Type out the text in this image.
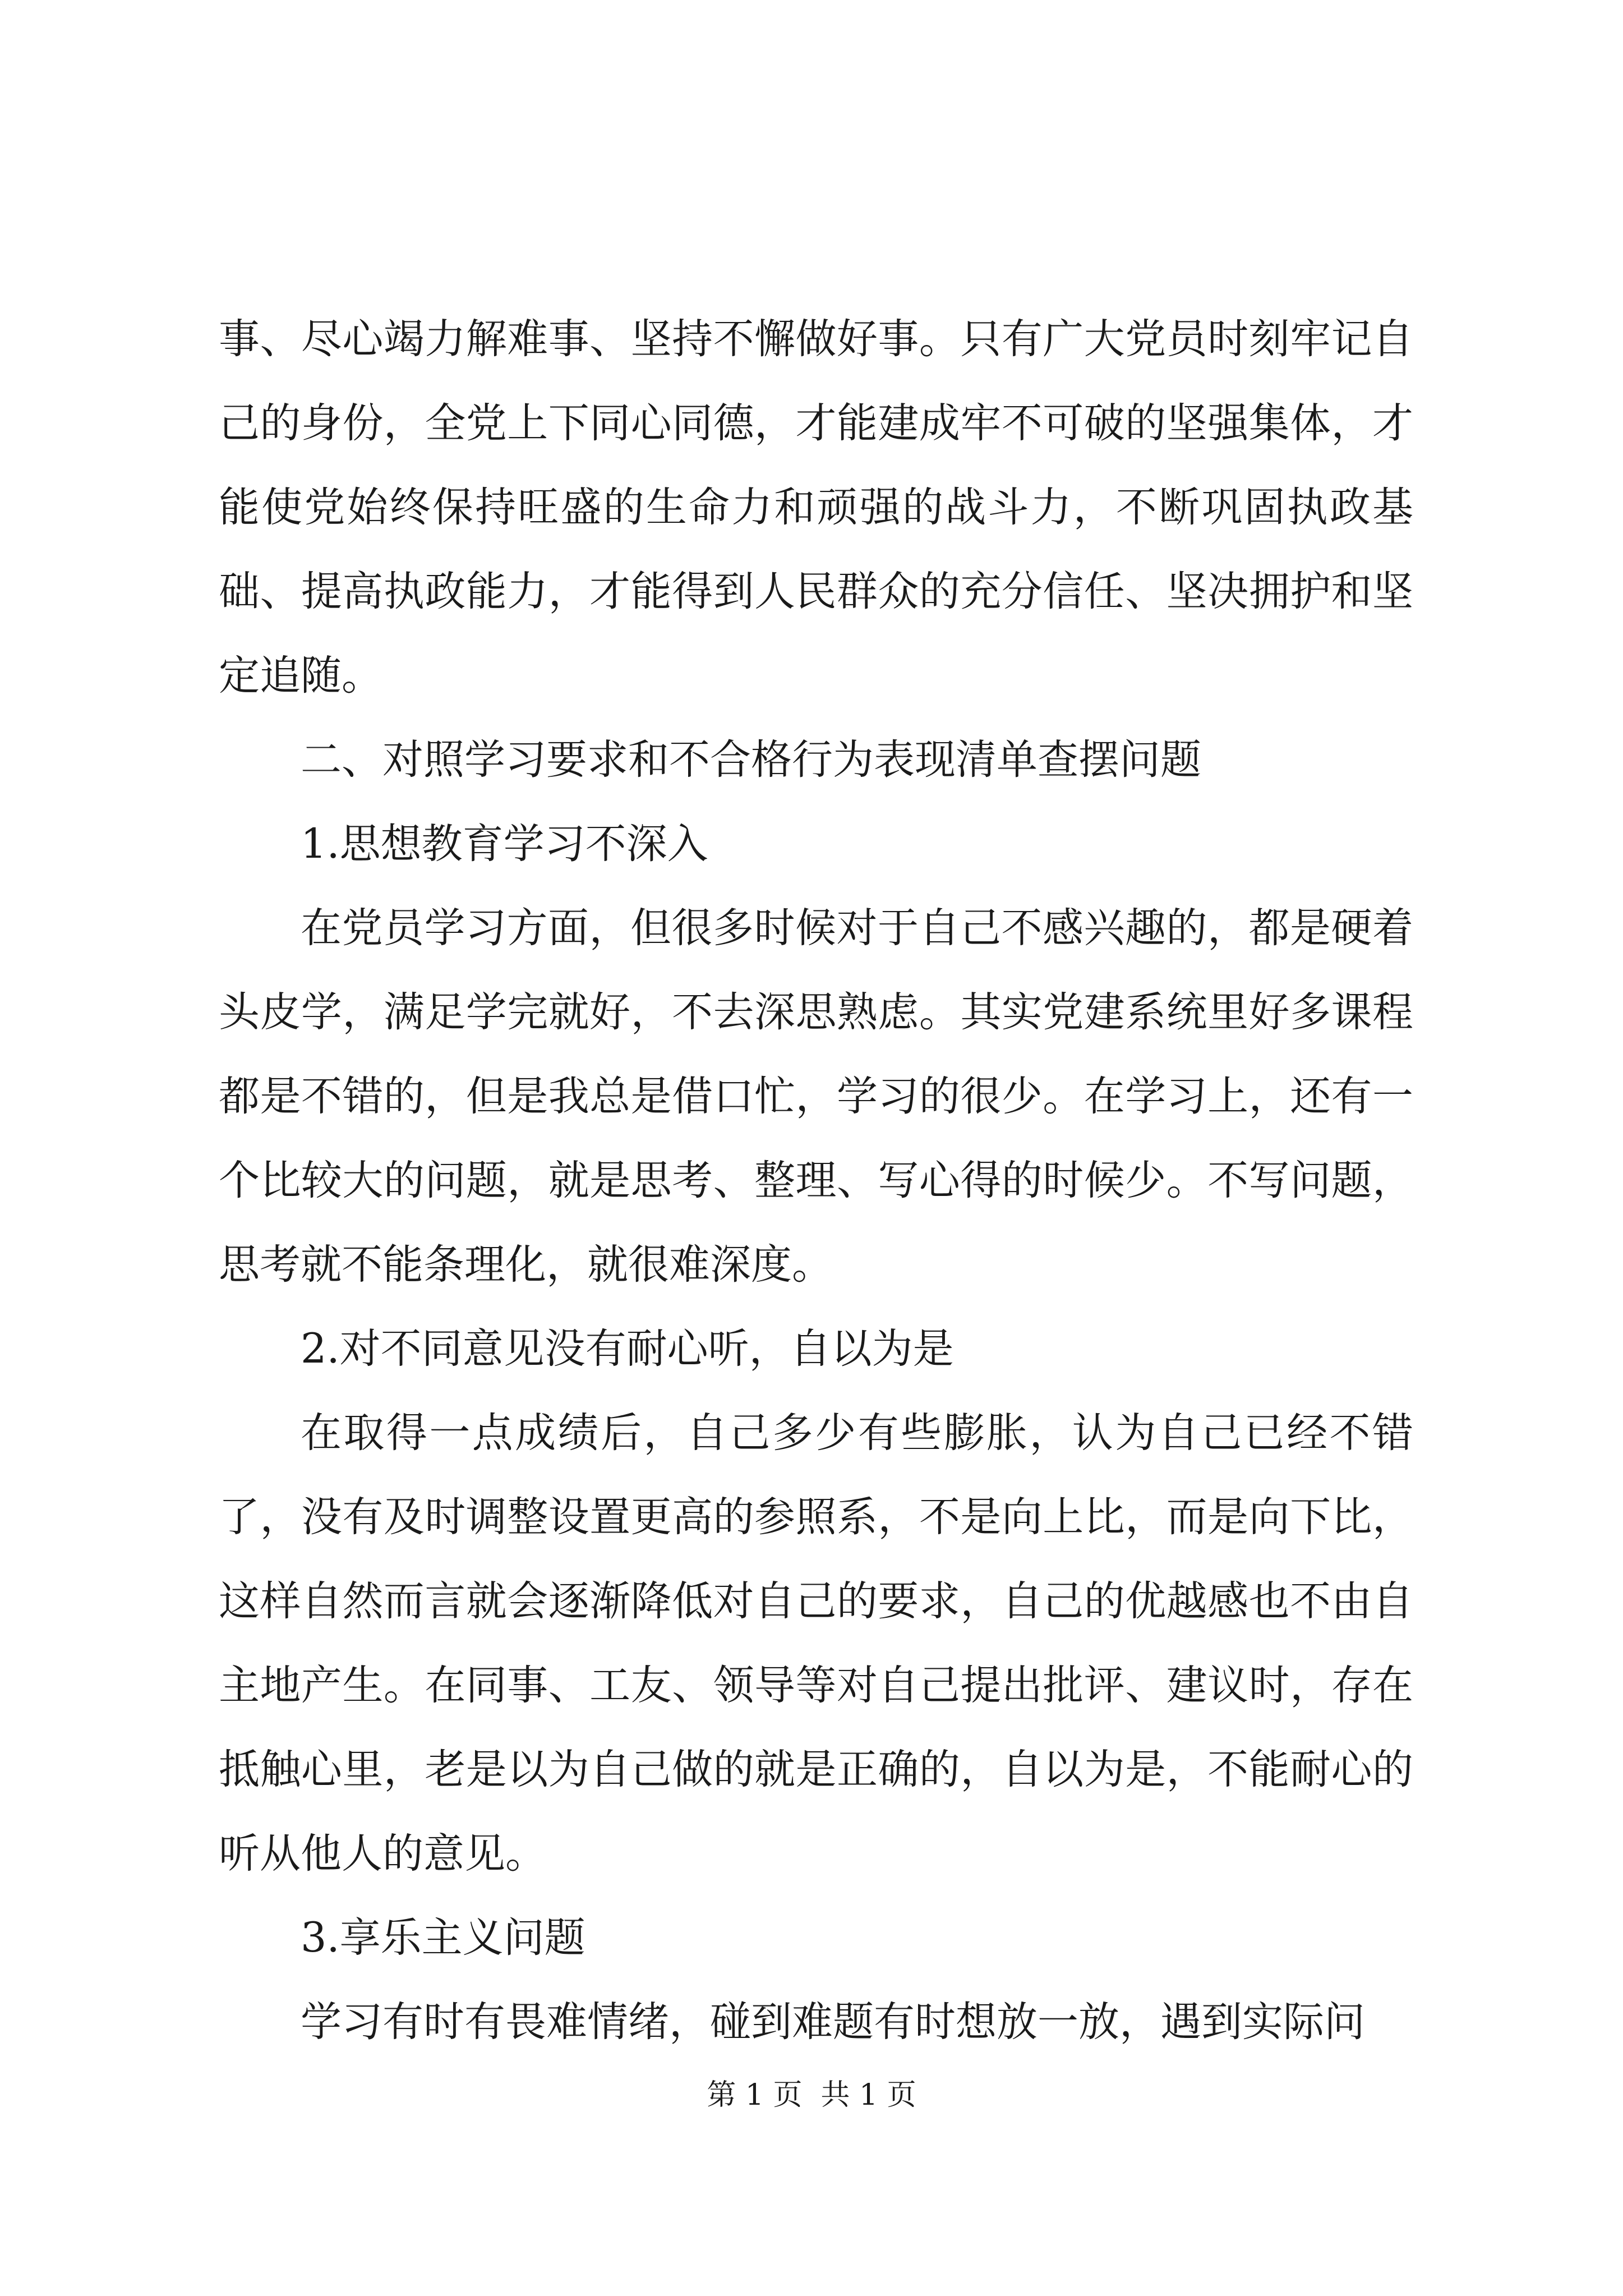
事、尽心竭力解难事、坚持不懈做好事。只有广大党员时刻牢记自己的身份，全党上下同心同德，才能建成牢不可破的坚强集体，才能使党始终保持旺盛的生命力和顽强的战斗力，不断巩固执政基础、提高执政能力，才能得到人民群众的充分信任、坚决拥护和坚定追随。

二、对照学习要求和不合格行为表现清单查摆问题

1.思想教育学习不深入

在党员学习方面，但很多时候对于自己不感兴趣的，都是硬着头皮学，满足学完就好，不去深思熟虑。其实党建系统里好多课程都是不错的，但是我总是借口忙，学习的很少。在学习上，还有一个比较大的问题，就是思考、整理、写心得的时候少。不写问题，思考就不能条理化，就很难深度。

2.对不同意见没有耐心听，自以为是

在取得一点成绩后，自己多少有些膨胀，认为自己已经不错了，没有及时调整设置更高的参照系，不是向上比，而是向下比，这样自然而言就会逐渐降低对自己的要求，自己的优越感也不由自主地产生。在同事、工友、领导等对自己提出批评、建议时，存在抵触心里，老是以为自己做的就是正确的，自以为是，不能耐心的听从他人的意见。

3.享乐主义问题

学习有时有畏难情绪，碰到难题有时想放一放，遇到实际问

第 1 页  共 1 页
